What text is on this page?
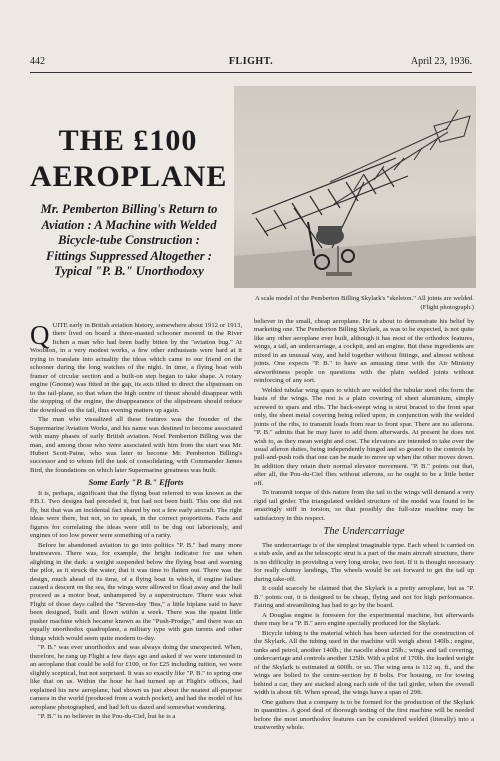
442	FLIGHT.	April 23, 1936.
THE £100
AEROPLANE
Mr. Pemberton Billing's Return to Aviation : A Machine with Welded Bicycle-tube Construction : Fittings Suppressed Altogether : Typical "P. B." Unorthodoxy
A scale model of the Pemberton Billing Skylark's "skeleton." All joints are welded. (Flight photograph.)

QUITE early in British aviation history, somewhere about 1912 or 1913, there lived on board a three-masted schooner moored in the River Itchen a man who had been badly bitten by the "aviation bug." At Woolston, in a very modest works, a few other enthusiasts were hard at it trying to translate into actuality the ideas which came to our friend on the schooner during the long watches of the night. In time, a flying boat with framer of circular section and a built-on step began to take shape. A rotary engine (Gnome) was fitted in the gap, its axis tilted to direct the slipstream on to the tail-plane, so that when the high centre of thrust should disappear with the stopping of the engine, the disappearance of the slipstream should reduce the download on the tail, thus evening matters up again.

The man who visualized all these features was the founder of the Supermarine Aviation Works, and his name was destined to become associated with many phases of early British aviation. Noel Pemberton Billing was the man, and among those who were associated with him from the start was Mr. Hubert Scott-Paine, who was later to become Mr. Pemberton Billing's successor and to whom fell the task of consolidating, with Commander James Bird, the foundations on which later Supermarine greatness was built.

Some Early "P. B." Efforts

It is, perhaps, significant that the flying boat referred to was known as the P.B.1. Two designs had preceded it, but had not been built. This one did not fly, but that was an incidental fact shared by not a few early aircraft. The right ideas were there, but not, so to speak, in the correct proportions. Facts and figures for correlating the ideas were still to be dug out laboriously, and engines of too low power were something of a rarity.

Before he abandoned aviation to go into politics "P. B." had many more brainwaves. There was, for example, the bright indicator for use when alighting in the dark: a weight suspended below the flying boat and warning the pilot, as it struck the water, that it was time to flatten out. There was the design, much ahead of its time, of a flying boat in which, if engine failure caused a descent on the sea, the wings were allowed to float away and the hull proceed as a motor boat, unhampered by a superstructure. There was what Flight of those days called the "Seven-day 'Bus," a little biplane said to have been designed, built and flown within a week. There was the quaint little pusher machine which became known as the "Push-Prodge," and there was an equally unorthodox quadruplane, a military type with gun turrets and other things which would seem quite modern to-day.

"P. B." was ever unorthodox and was always doing the unexpected. When, therefore, he rang up Flight a few days ago and asked if we were interested in an aeroplane that could be sold for £100, or for £25 including tuition, we were slightly sceptical, but not surprised. It was so exactly like "P. B." to spring one like that on us. Within the hour he had turned up at Flight's offices, had explained his new aeroplane, had shown us just about the neatest all-purpose camera in the world (produced from a watch pocket), and had the model of his aeroplane photographed, and had left us dazed and somewhat wondering.

"P. B." is no believer in the Pou-du-Ciel, but he is a

believer in the small, cheap aeroplane. He is about to demonstrate his belief by marketing one. The Pemberton Billing Skylark, as was to be expected, is not quite like any other aeroplane ever built, although it has most of the orthodox features, wings, a tail, an undercarriage, a cockpit, and an engine. But these ingredients are mixed in an unusual way, and held together without fittings, and almost without joints. One expects "P. B." to have an amusing time with the Air Ministry airworthiness people on questions with the plain welded joints without reinforcing of any sort.

Welded tubular wing spars to which are welded the tubular steel ribs form the basis of the wings. The rest is a plain covering of sheet aluminium, simply screwed to spars and ribs. The back-swept wing is strut braced to the front spar only, the sheet metal covering being relied upon, in conjunction with the welded joints of the ribs, to transmit loads from rear to front spar. There are no ailerons. "P. B." admits that he may have to add them afterwards. At present he does not wish to, as they mean weight and cost. The elevators are intended to take over the usual aileron duties, being independently hinged and so geared to the controls by pull-and-push rods that one can be made to move up when the other moves down. In addition they retain their normal elevator movement. "P. B." points out that, after all, the Pou-du-Ciel flies without ailerons, so he ought to be a little better off.

To transmit torque of this nature from the tail to the wings will demand a very rigid tail girder. The triangulated welded structure of the model was found to be amazingly stiff in torsion, so that possibly the full-size machine may be satisfactory in this respect.

The Undercarriage

The undercarriage is of the simplest imaginable type. Each wheel is carried on a stub axle, and as the telescopic strut is a part of the main aircraft structure, there is no difficulty in providing a very long stroke, two feet. If it is thought necessary for really clumsy landings, The wheels would be set forward to get the tail up during take-off.

It could scarcely be claimed that the Skylark is a pretty aeroplane, but as "P. B." points out, it is designed to be cheap, flying and not for high performance. Fairing and streamlining has had to go by the board.

A Douglas engine is foreseen for the experimental machine, but afterwards there may be a "P. B." aero engine specially produced for the Skylark.

Bicycle tubing is the material which has been selected for the construction of the Skylark. All the tubing used in the machine will weigh about 140lb.; engine, tanks and petrol, another 140lb.; the nacelle about 25lb.; wings and tail covering, undercarriage and controls another 125lb. With a pilot of 170lb. the loaded weight of the Skylark is estimated at 600lb. or so. The wing area is 112 sq. ft., and the wings are bolted to the centre-section by 8 bolts. For housing, or for towing behind a car, they are stacked along each side of the tail girder, when the overall width is about 6ft. When spread, the wings have a span of 29ft.

One gathers that a company is to be formed for the production of the Skylark in quantities. A good deal of thorough testing of the first machine will be needed before the most unorthodox features can be considered welded (literally) into a trustworthy whole.
